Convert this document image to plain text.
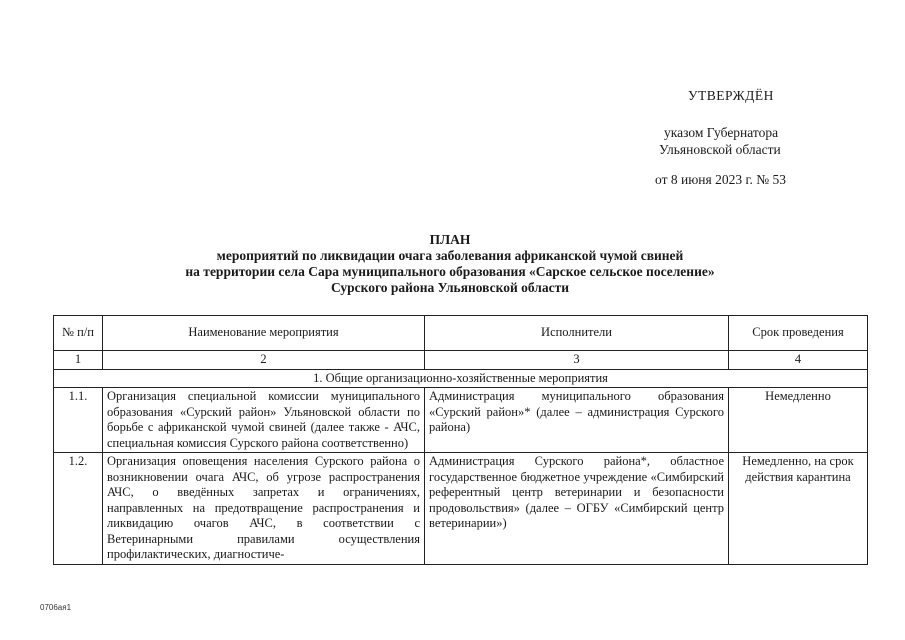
УТВЕРЖДЁН
указом Губернатора
Ульяновской области
от 8 июня 2023 г. № 53
ПЛАН
мероприятий по ликвидации очага заболевания африканской чумой свиней
на территории села Сара муниципального образования «Сарское сельское поселение»
Сурского района Ульяновской области
№ п/п	Наименование мероприятия	Исполнители	Срок проведения
1	2	3	4
1. Общие организационно-хозяйственные мероприятия			
1.1.	Организация специальной комиссии муниципального образования «Сурский район» Ульяновской области по борьбе с африканской чумой свиней (далее также - АЧС, специальная комиссия Сурского района соответственно)	Администрация муниципального образования «Сурский район»* (далее – администрация Сурского района)	Немедленно
1.2.	Организация оповещения населения Сурского района о возникновении очага АЧС, об угрозе распространения АЧС, о введённых запретах и ограничениях, направленных на предотвращение распространения и ликвидацию очагов АЧС, в соответствии с Ветеринарными правилами осуществления профилактических, диагностиче-	Администрация Сурского района*, областное государственное бюджетное учреждение «Симбирский референтный центр ветеринарии и безопасности продовольствия» (далее – ОГБУ «Симбирский центр ветеринарии»)	Немедленно, на срок действия карантина
0706ая1
